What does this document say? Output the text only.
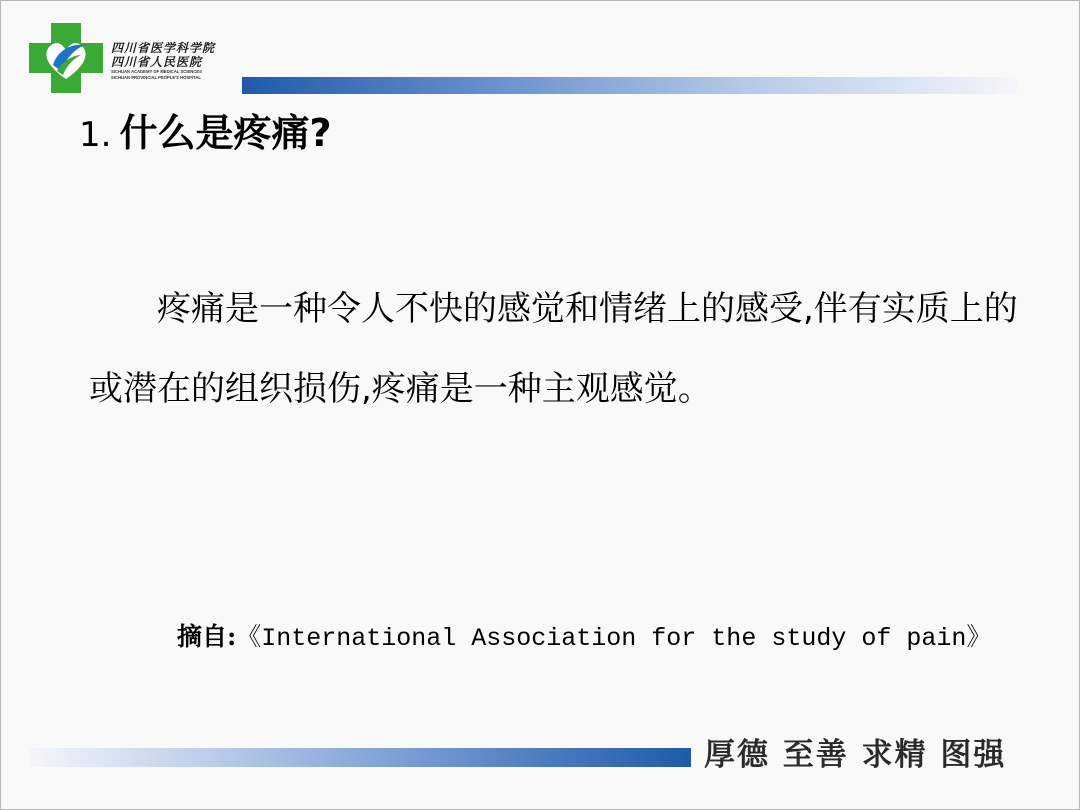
四川省医学科学院
四川省人民医院
SICHUAN ACADEMY OF MEDICAL SCIENCES
SICHUAN PROVINCIAL PEOPLE'S HOSPITAL
1. 什么是疼痛?
疼痛是一种令人不快的感觉和情绪上的感受,伴有实质上的或潜在的组织损伤,疼痛是一种主观感觉。
摘自:《International Association for the study of pain》
厚德 至善 求精 图强
